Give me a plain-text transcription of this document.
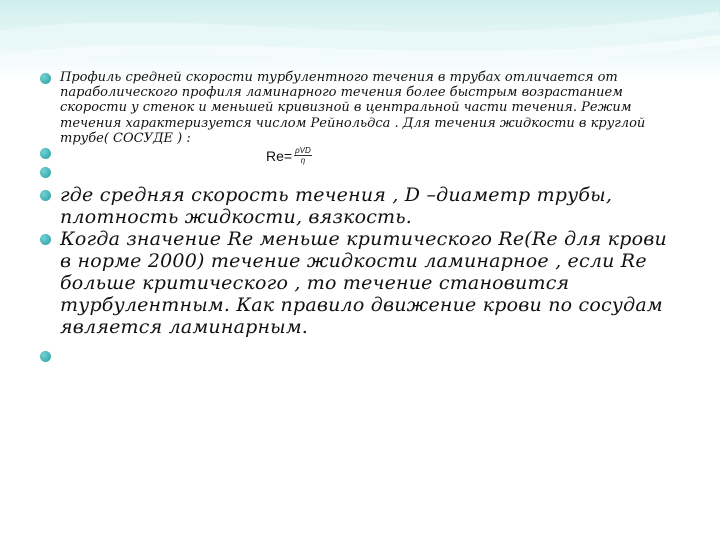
Профиль средней скорости турбулентного течения в трубах отличается от параболического профиля ламинарного течения более быстрым возрастанием скорости у стенок и меньшей кривизной в центральной части течения. Режим течения характеризуется числом Рейнольдса . Для течения жидкости в круглой трубе( СОСУДЕ ) :
$Re= \frac{\text{ρVD}}{\eta}$
где средняя скорость течения , D –диаметр трубы, плотность жидкости, вязкость.
Когда значение Re меньше критического Re(Re для крови в норме 2000) течение жидкости ламинарное , если Re больше критического , то течение становится турбулентным. Как правило движение крови по сосудам является ламинарным.
